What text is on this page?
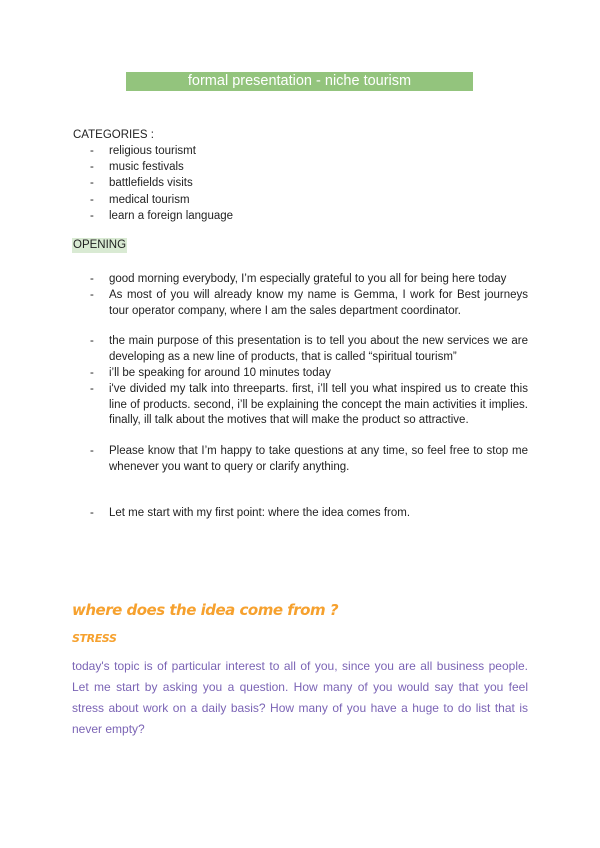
formal presentation - niche tourism
CATEGORIES :
- religious tourismt
- music festivals
- battlefields visits
- medical tourism
- learn a foreign language
OPENING
- good morning everybody, I’m especially grateful to you all for being here today
- As most of you will already know my name is Gemma, I work for Best journeys tour operator company, where I am the sales department coordinator.
- the main purpose of this presentation is to tell you about the new services we are developing as a new line of products, that is called “spiritual tourism”
- i’ll be speaking for around 10 minutes today
- i've divided my talk into threeparts. first, i’ll tell you what inspired us to create this line of products. second, i’ll be explaining the concept the main activities it implies. finally, ill talk about the motives that will make the product so attractive.
- Please know that I’m happy to take questions at any time, so feel free to stop me whenever you want to query or clarify anything.
- Let me start with my first point: where the idea comes from.
where does the idea come from ?
STRESS

today's topic is of particular interest to all of you, since you are all business people. Let me start by asking you a question. How many of you would say that you feel stress about work on a daily basis? How many of you have a huge to do list that is never empty?
